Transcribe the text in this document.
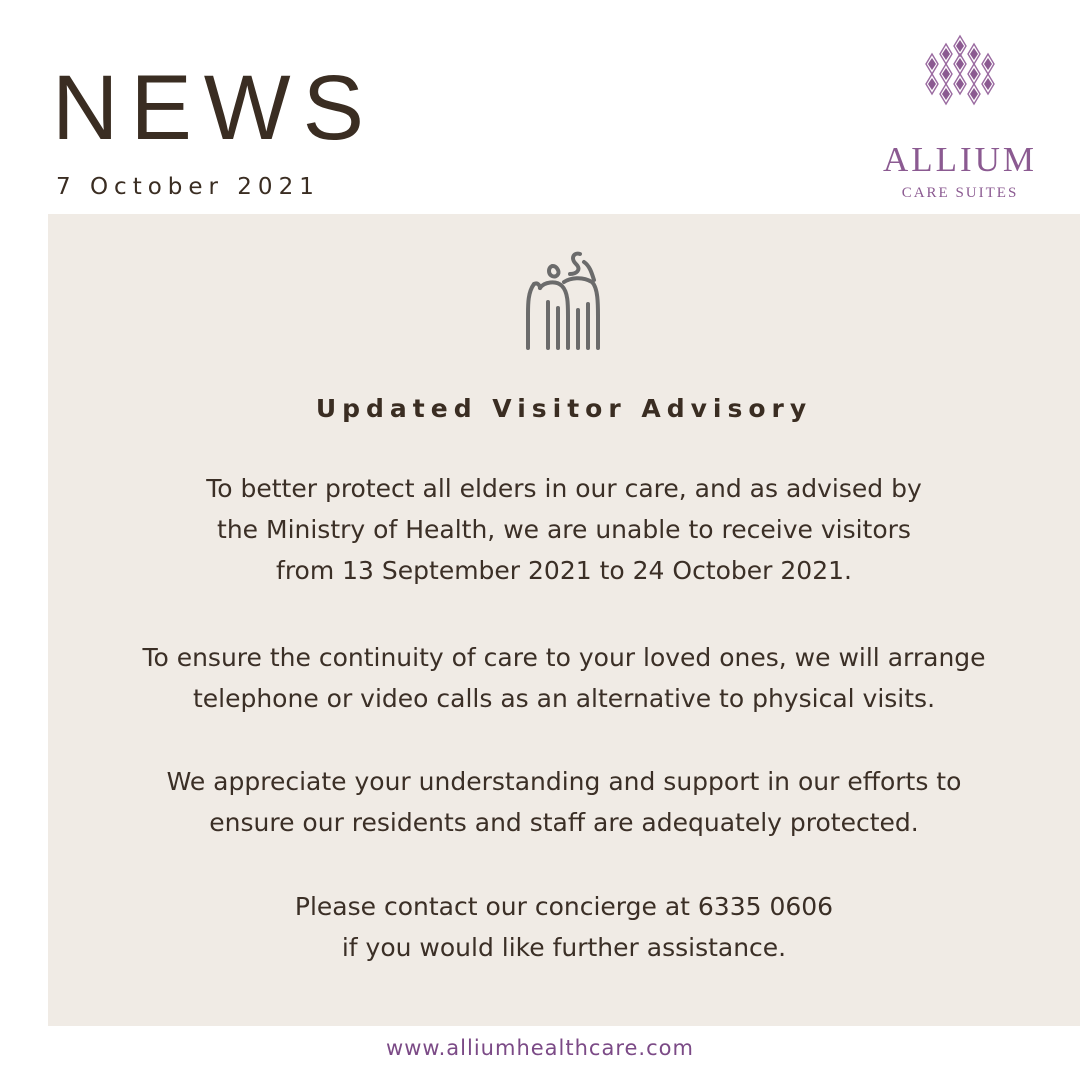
NEWS
7 October 2021
ALLIUM
CARE SUITES
Updated Visitor Advisory
To better protect all elders in our care, and as advised by
the Ministry of Health, we are unable to receive visitors
from 13 September 2021 to 24 October 2021.
To ensure the continuity of care to your loved ones, we will arrange
telephone or video calls as an alternative to physical visits.
We appreciate your understanding and support in our efforts to
ensure our residents and staff are adequately protected.
Please contact our concierge at 6335 0606
if you would like further assistance.
www.alliumhealthcare.com
